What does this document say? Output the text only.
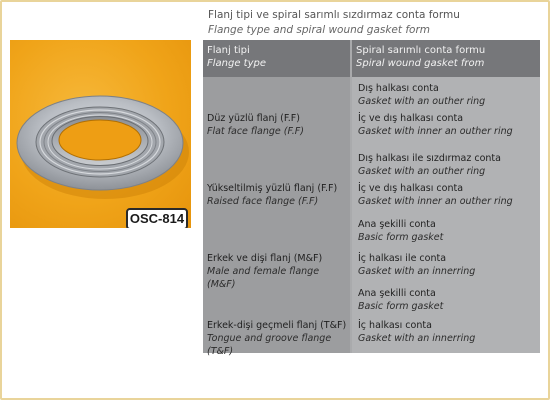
Flanj tipi ve spiral sarımlı sızdırmaz conta formu
Flange type and spiral wound gasket form
OSC-814
Flanj tipi
Flange type
Spiral sarımlı conta formu
Spiral wound gasket from
Düz yüzlü flanj (F.F)
Flat face flange (F.F)
Yükseltilmiş yüzlü flanj (F.F)
Raised face flange (F.F)
Erkek ve dişi flanj (M&F)
Male and female flange (M&F)
Erkek-dişi geçmeli flanj (T&F)
Tongue and groove flange (T&F)
Dış halkası conta
Gasket with an outher ring
İç ve dış halkası conta
Gasket with inner an outher ring
Dış halkası ile sızdırmaz conta
Gasket with an outher ring
İç ve dış halkası conta
Gasket with inner an outher ring
Ana şekilli conta
Basic form gasket
İç halkası ile conta
Gasket with an innerring
Ana şekilli conta
Basic form gasket
İç halkası conta
Gasket with an innerring
